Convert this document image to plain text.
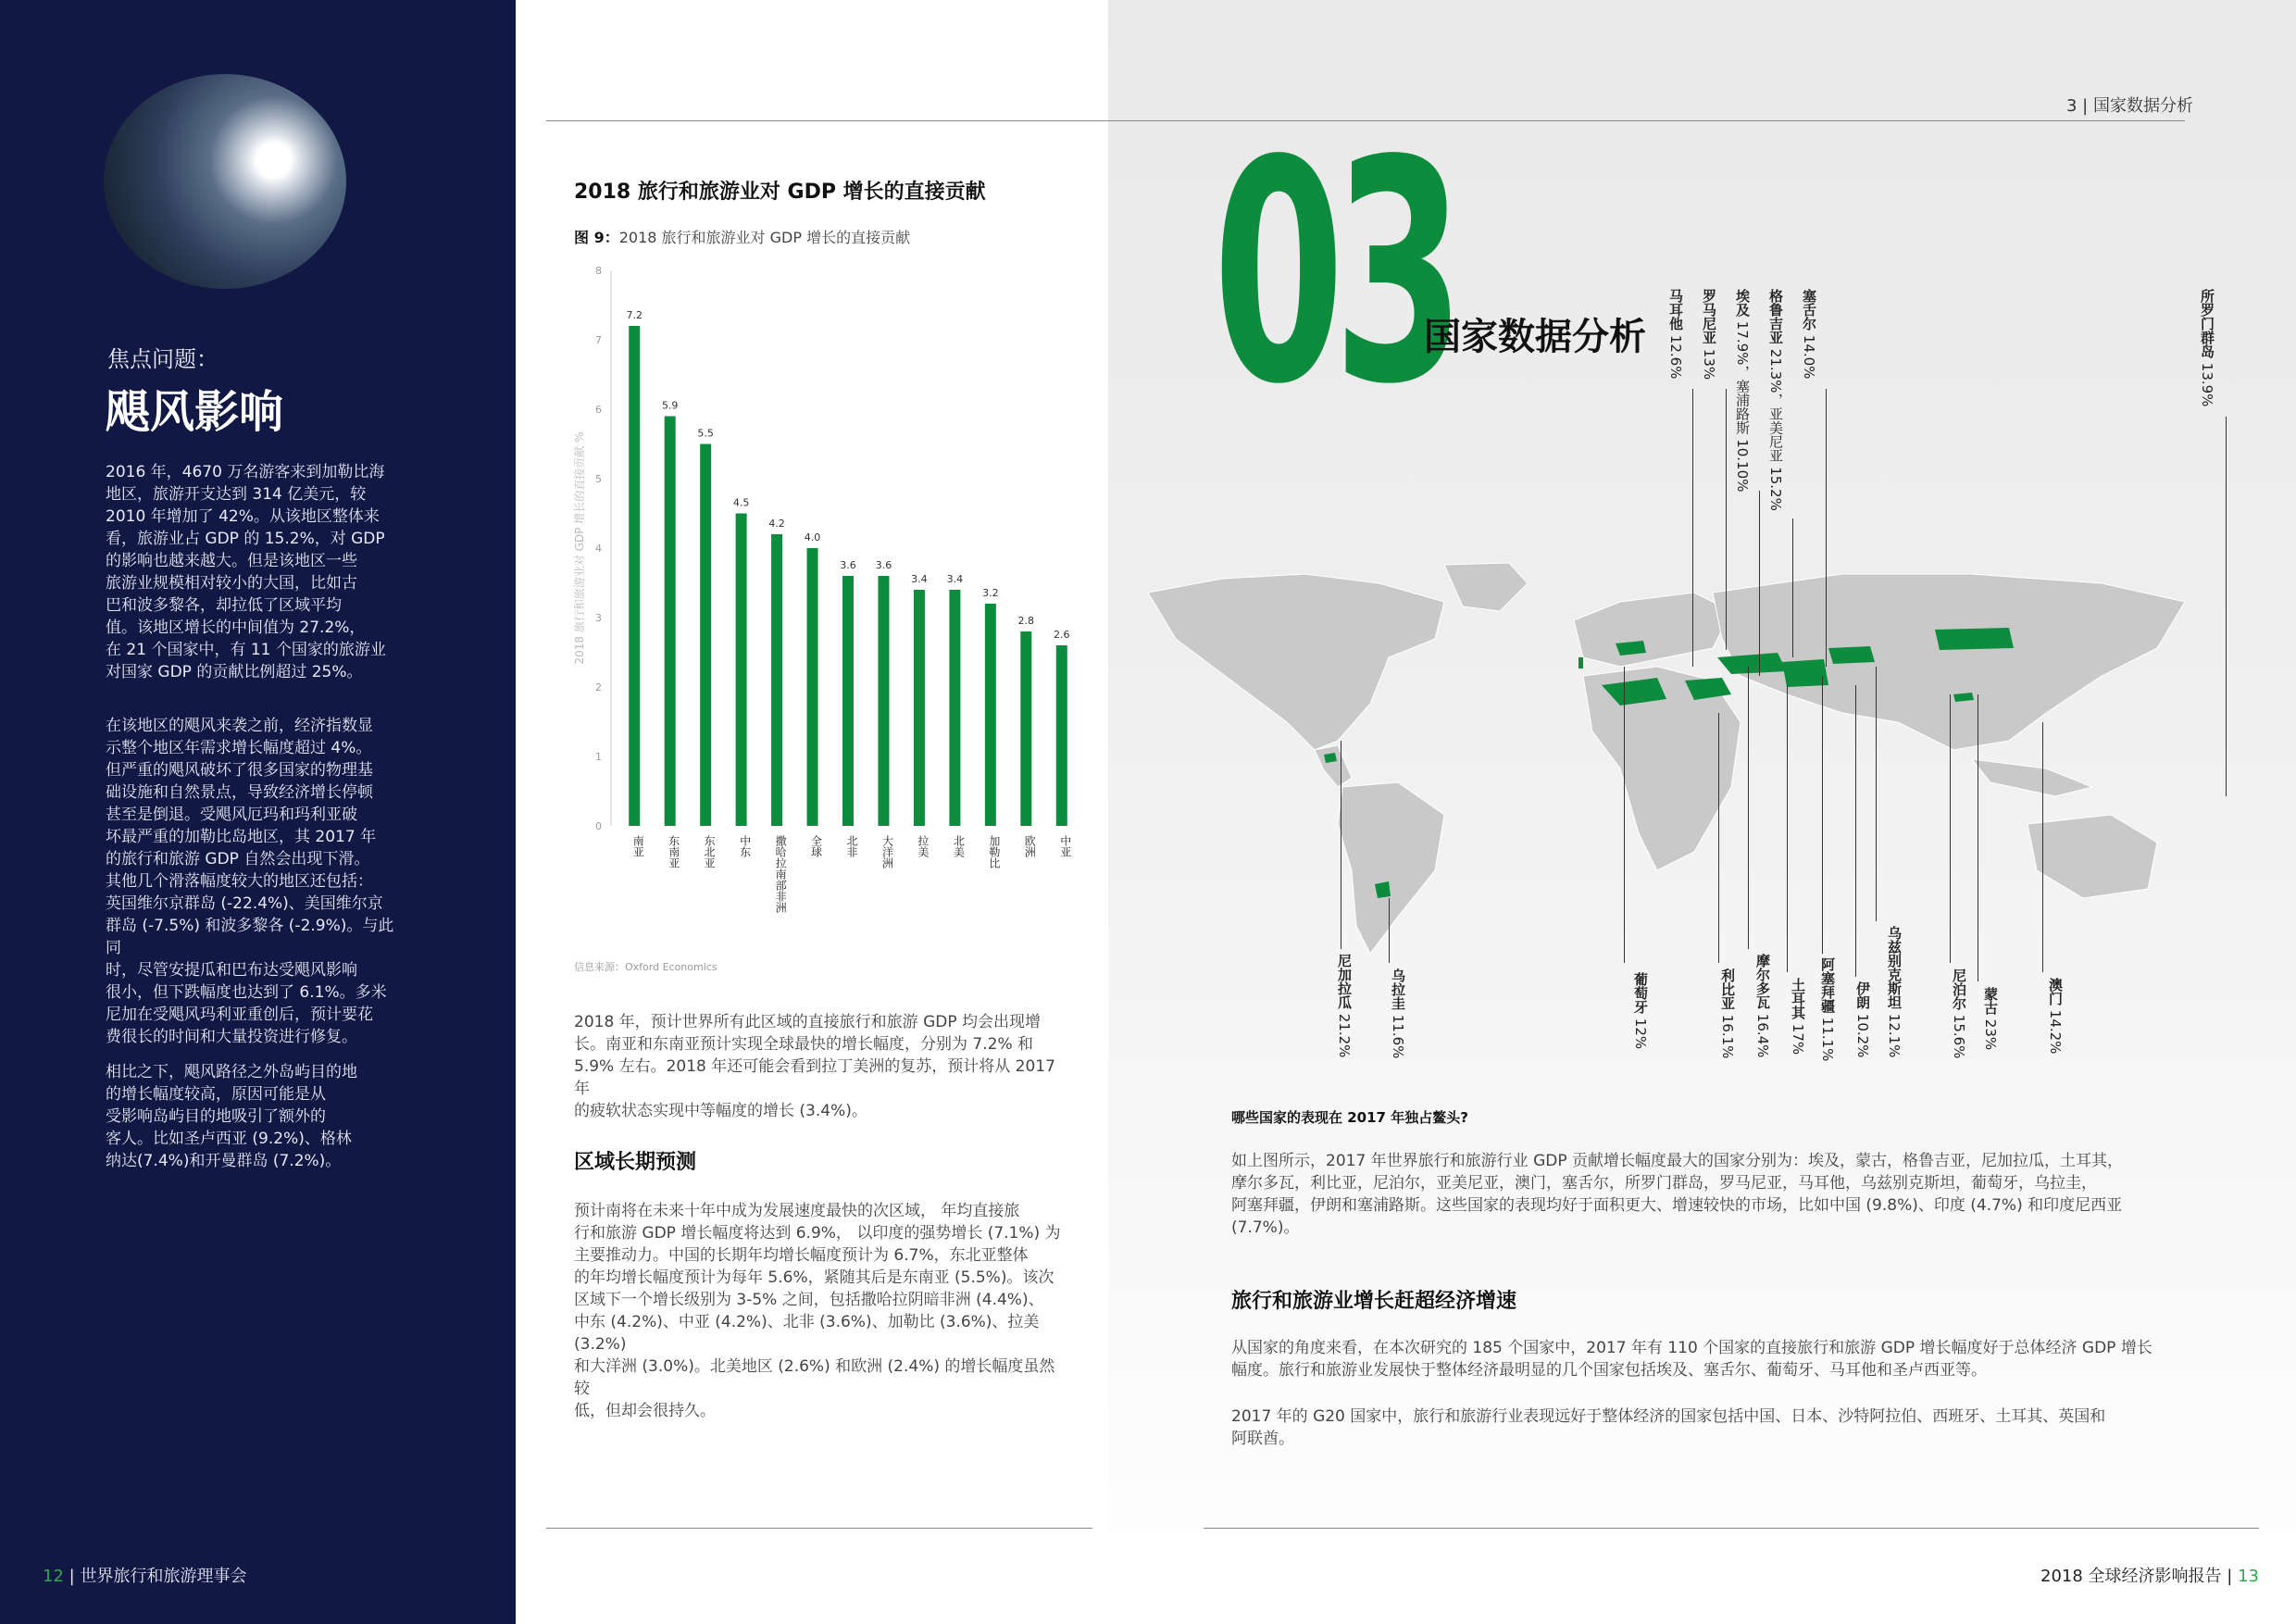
焦点问题：
飓风影响
2016 年，4670 万名游客来到加勒比海
地区，旅游开支达到 314 亿美元，较
2010 年增加了 42%。从该地区整体来
看，旅游业占 GDP 的 15.2%，对 GDP
的影响也越来越大。但是该地区一些
旅游业规模相对较小的大国，比如古
巴和波多黎各，却拉低了区域平均
值。该地区增长的中间值为 27.2%，
在 21 个国家中，有 11 个国家的旅游业
对国家 GDP 的贡献比例超过 25%。
在该地区的飓风来袭之前，经济指数显
示整个地区年需求增长幅度超过 4%。
但严重的飓风破坏了很多国家的物理基
础设施和自然景点，导致经济增长停顿
甚至是倒退。受飓风厄玛和玛利亚破
坏最严重的加勒比岛地区，其 2017 年
的旅行和旅游 GDP 自然会出现下滑。
其他几个滑落幅度较大的地区还包括：
英国维尔京群岛 (-22.4%)、美国维尔京
群岛 (-7.5%) 和波多黎各 (-2.9%)。与此同
时，尽管安提瓜和巴布达受飓风影响
很小，但下跌幅度也达到了 6.1%。多米
尼加在受飓风玛利亚重创后，预计要花
费很长的时间和大量投资进行修复。
相比之下，飓风路径之外岛屿目的地
的增长幅度较高，原因可能是从
受影响岛屿目的地吸引了额外的
客人。比如圣卢西亚 (9.2%)、格林
纳达(7.4%)和开曼群岛 (7.2%)。
12 | 世界旅行和旅游理事会
3 | 国家数据分析
2018 旅行和旅游业对 GDP 增长的直接贡献
图 9：2018 旅行和旅游业对 GDP 增长的直接贡献
0
1
2
3
4
5
6
7
8
2018 旅行和旅游业对 GDP 增长的直接贡献 %
7.2
南亚
5.9
东南亚
5.5
东北亚
4.5
中东
4.2
撒哈拉南部非洲
4.0
全球
3.6
北非
3.6
大洋洲
3.4
拉美
3.4
北美
3.2
加勒比
2.8
欧洲
2.6
中亚
信息来源：Oxford Economics
2018 年，预计世界所有此区域的直接旅行和旅游 GDP 均会出现增
长。南亚和东南亚预计实现全球最快的增长幅度，分别为 7.2% 和
5.9% 左右。2018 年还可能会看到拉丁美洲的复苏，预计将从 2017 年
的疲软状态实现中等幅度的增长 (3.4%)。
区域长期预测
预计南将在未来十年中成为发展速度最快的次区域， 年均直接旅
行和旅游 GDP 增长幅度将达到 6.9%， 以印度的强势增长 (7.1%) 为
主要推动力。中国的长期年均增长幅度预计为 6.7%，东北亚整体
的年均增长幅度预计为每年 5.6%，紧随其后是东南亚 (5.5%)。该次
区域下一个增长级别为 3-5% 之间，包括撒哈拉阴暗非洲 (4.4%)、
中东 (4.2%)、中亚 (4.2%)、北非 (3.6%)、加勒比 (3.6%)、拉美 (3.2%)
和大洋洲 (3.0%)。北美地区 (2.6%) 和欧洲 (2.4%) 的增长幅度虽然较
低，但却会很持久。
03
国家数据分析
马耳他 12.6%
罗马尼亚 13%
埃及 17.9%，塞浦路斯 10.10%
格鲁吉亚 21.3%，亚美尼亚 15.2%
塞舌尔 14.0%	所罗门群岛 13.9%
尼加拉瓜 21.2%
乌拉圭 11.6%
葡萄牙 12%
利比亚 16.1%
摩尔多瓦 16.4%
土耳其 17%
阿塞拜疆 11.1%
伊朗 10.2%
乌兹别克斯坦 12.1%
尼泊尔 15.6%
蒙古 23%
澳门 14.2%
哪些国家的表现在 2017 年独占鳌头?
如上图所示，2017 年世界旅行和旅游行业 GDP 贡献增长幅度最大的国家分别为：埃及，蒙古，格鲁吉亚，尼加拉瓜，土耳其，
摩尔多瓦，利比亚，尼泊尔，亚美尼亚，澳门，塞舌尔，所罗门群岛，罗马尼亚，马耳他，乌兹别克斯坦，葡萄牙，乌拉圭，
阿塞拜疆，伊朗和塞浦路斯。这些国家的表现均好于面积更大、增速较快的市场，比如中国 (9.8%)、印度 (4.7%) 和印度尼西亚
(7.7%)。
旅行和旅游业增长赶超经济增速
从国家的角度来看，在本次研究的 185 个国家中，2017 年有 110 个国家的直接旅行和旅游 GDP 增长幅度好于总体经济 GDP 增长
幅度。旅行和旅游业发展快于整体经济最明显的几个国家包括埃及、塞舌尔、葡萄牙、马耳他和圣卢西亚等。
2017 年的 G20 国家中，旅行和旅游行业表现远好于整体经济的国家包括中国、日本、沙特阿拉伯、西班牙、土耳其、英国和
阿联酋。
2018 全球经济影响报告 | 13
